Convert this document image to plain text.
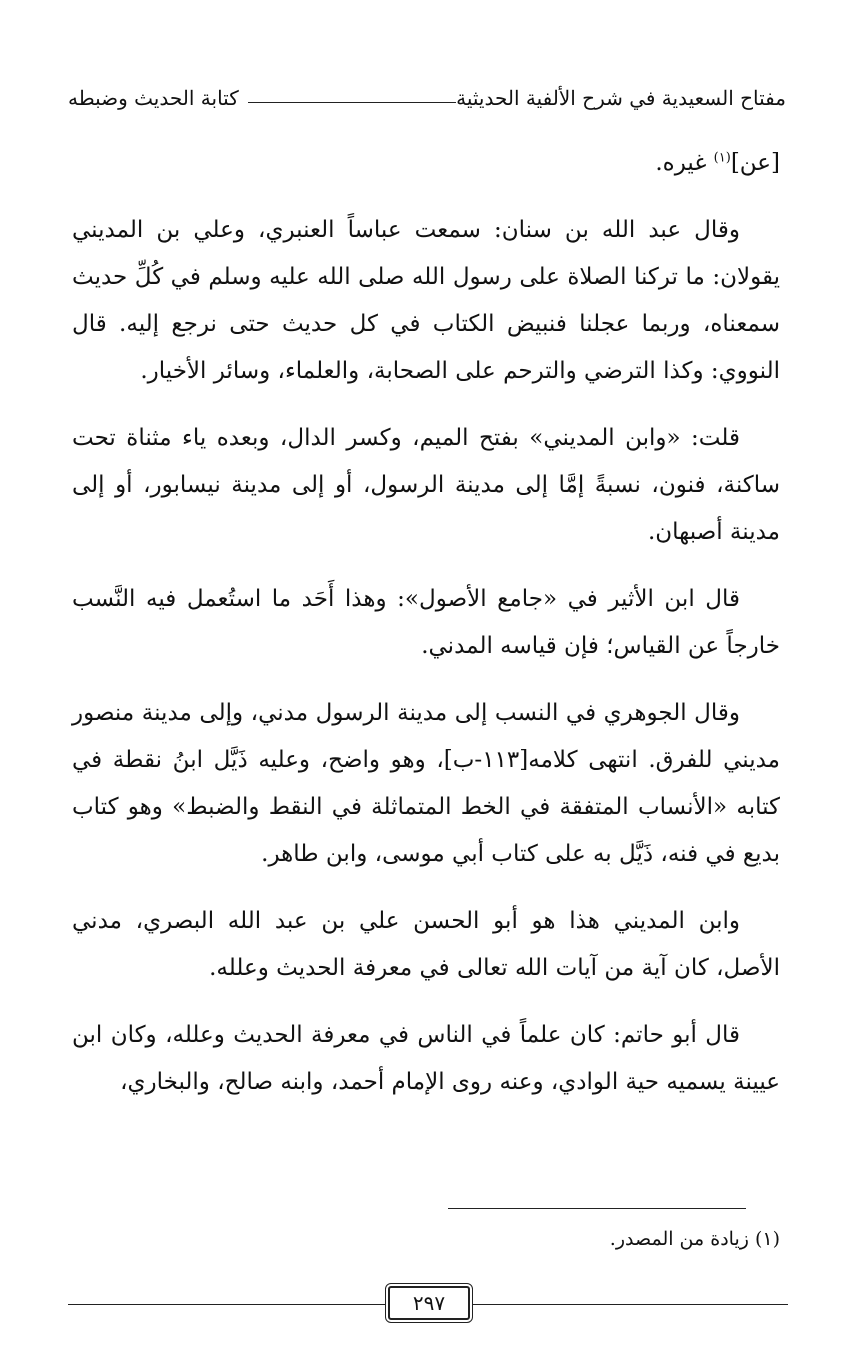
مفتاح السعيدية في شرح الألفية الحديثية
كتابة الحديث وضبطه

[عن]$^{(١)}$ غيره.

وقال عبد الله بن سنان: سمعت عباساً العنبري، وعلي بن المديني يقولان: ما تركنا الصلاة على رسول الله صلى الله عليه وسلم في كُلِّ حديث سمعناه، وربما عجلنا فنبيض الكتاب في كل حديث حتى نرجع إليه. قال النووي: وكذا الترضي والترحم على الصحابة، والعلماء، وسائر الأخيار.

قلت: «وابن المديني» بفتح الميم، وكسر الدال، وبعده ياء مثناة تحت ساكنة، فنون، نسبةً إمَّا إلى مدينة الرسول، أو إلى مدينة نيسابور، أو إلى مدينة أصبهان.

قال ابن الأثير في «جامع الأصول»: وهذا أَحَد ما استُعمل فيه النَّسب خارجاً عن القياس؛ فإن قياسه المدني.

وقال الجوهري في النسب إلى مدينة الرسول مدني، وإلى مدينة منصور مديني للفرق. انتهى كلامه[١١٣-ب]، وهو واضح، وعليه ذَيَّل ابنُ نقطة في كتابه «الأنساب المتفقة في الخط المتماثلة في النقط والضبط» وهو كتاب بديع في فنه، ذَيَّل به على كتاب أبي موسى، وابن طاهر.

وابن المديني هذا هو أبو الحسن علي بن عبد الله البصري، مدني الأصل، كان آية من آيات الله تعالى في معرفة الحديث وعلله.

قال أبو حاتم: كان علماً في الناس في معرفة الحديث وعلله، وكان ابن عيينة يسميه حية الوادي، وعنه روى الإمام أحمد، وابنه صالح، والبخاري،

(١) زيادة من المصدر.
٢٩٧
